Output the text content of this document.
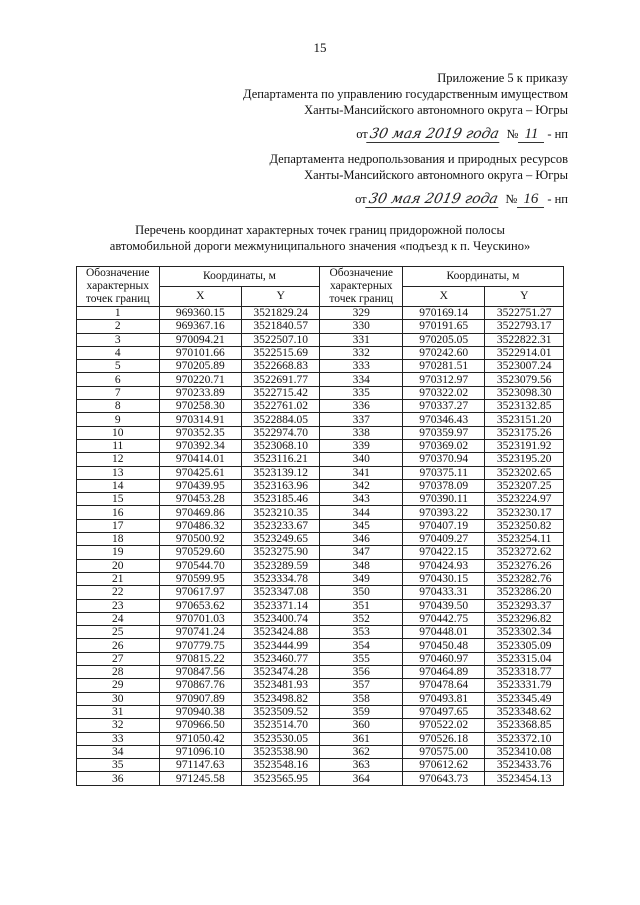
15
Приложение 5 к приказу
Департамента по управлению государственным имуществом
Ханты-Мансийского автономного округа – Югры
от 30 мая 2019 года № 11 - нп
Департамента недропользования и природных ресурсов
Ханты-Мансийского автономного округа – Югры
от 30 мая 2019 года № 16 - нп
Перечень координат характерных точек границ придорожной полосы
автомобильной дороги межмуниципального значения «подъезд к п. Чеускино»
Обозначение характерных точек границ	Координаты, м		Обозначение характерных точек границ	Координаты, м	
	X	Y		X	Y
1	969360.15	3521829.24	329	970169.14	3522751.27
2	969367.16	3521840.57	330	970191.65	3522793.17
3	970094.21	3522507.10	331	970205.05	3522822.31
4	970101.66	3522515.69	332	970242.60	3522914.01
5	970205.89	3522668.83	333	970281.51	3523007.24
6	970220.71	3522691.77	334	970312.97	3523079.56
7	970233.89	3522715.42	335	970322.02	3523098.30
8	970258.30	3522761.02	336	970337.27	3523132.85
9	970314.91	3522884.05	337	970346.43	3523151.20
10	970352.35	3522974.70	338	970359.97	3523175.26
11	970392.34	3523068.10	339	970369.02	3523191.92
12	970414.01	3523116.21	340	970370.94	3523195.20
13	970425.61	3523139.12	341	970375.11	3523202.65
14	970439.95	3523163.96	342	970378.09	3523207.25
15	970453.28	3523185.46	343	970390.11	3523224.97
16	970469.86	3523210.35	344	970393.22	3523230.17
17	970486.32	3523233.67	345	970407.19	3523250.82
18	970500.92	3523249.65	346	970409.27	3523254.11
19	970529.60	3523275.90	347	970422.15	3523272.62
20	970544.70	3523289.59	348	970424.93	3523276.26
21	970599.95	3523334.78	349	970430.15	3523282.76
22	970617.97	3523347.08	350	970433.31	3523286.20
23	970653.62	3523371.14	351	970439.50	3523293.37
24	970701.03	3523400.74	352	970442.75	3523296.82
25	970741.24	3523424.88	353	970448.01	3523302.34
26	970779.75	3523444.99	354	970450.48	3523305.09
27	970815.22	3523460.77	355	970460.97	3523315.04
28	970847.56	3523474.28	356	970464.89	3523318.77
29	970867.76	3523481.93	357	970478.64	3523331.79
30	970907.89	3523498.82	358	970493.81	3523345.49
31	970940.38	3523509.52	359	970497.65	3523348.62
32	970966.50	3523514.70	360	970522.02	3523368.85
33	971050.42	3523530.05	361	970526.18	3523372.10
34	971096.10	3523538.90	362	970575.00	3523410.08
35	971147.63	3523548.16	363	970612.62	3523433.76
36	971245.58	3523565.95	364	970643.73	3523454.13
